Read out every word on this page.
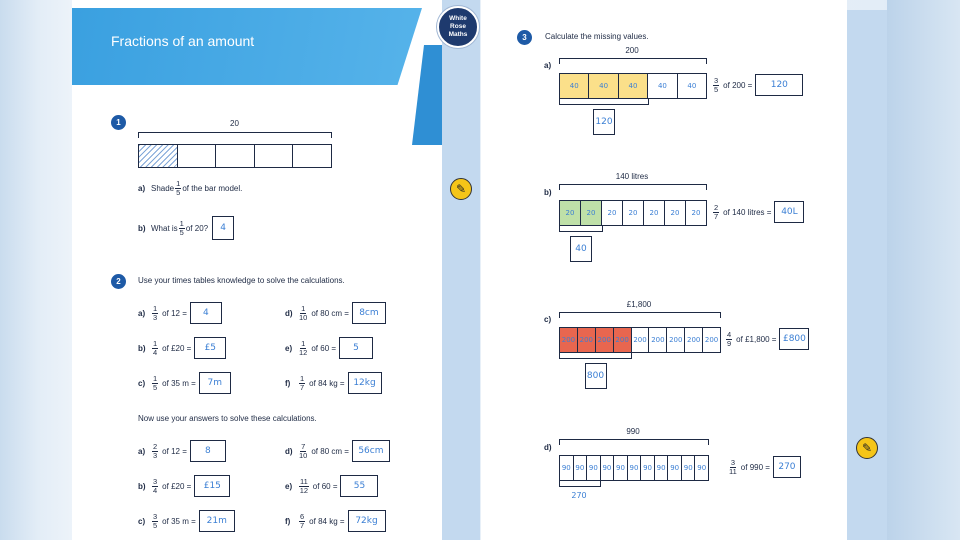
Fractions of an amount
White
Rose
Maths
1	20
a) Shade $\frac{1}{5}$ of the bar model.
b) What is $\frac{1}{5}$ of 20?	4
2	Use your times tables knowledge to solve the calculations.
Now use your answers to solve these calculations.
3	Calculate the missing values.
✎
✎
$a) \frac{1}{3}$ of 12 =	4
$b) \frac{1}{4}$ of £20 =	£5
$c) \frac{1}{5}$ of 35 m =	7m
$d) \frac{1}{10}$ of 80 cm =	8cm
$e) \frac{1}{12}$ of 60 =	5
f)	$\frac{1}{7}$ of 84 kg = 12kg
$a) \frac{2}{3}$ of 12 =	8
$b) \frac{3}{4}$ of £20 =	£15
$c) \frac{3}{5}$ of 35 m =	21m
$d) \frac{7}{10}$ of 80 cm =	56cm
$e) \frac{11}{12}$ of 60 =	55
f)	$\frac{6}{7}$ of 84 kg =	72kg
200
a)
40	40	40	40	40
120
$\frac{3}{5}$ of 200 =	120
140 litres
b)
20	20	20	20	20	20	20
40
$\frac{2}{7}$ of 140 litres =	40L
£1,800
c)
200 200 200 200 200 200 200 200 200
800
$\frac{4}{9}$ of £1,800 = £800
990
d)
90 90 90 90 90 90 90 90 90 90 90
270
$\frac{3}{11}$ of 990 = 270
